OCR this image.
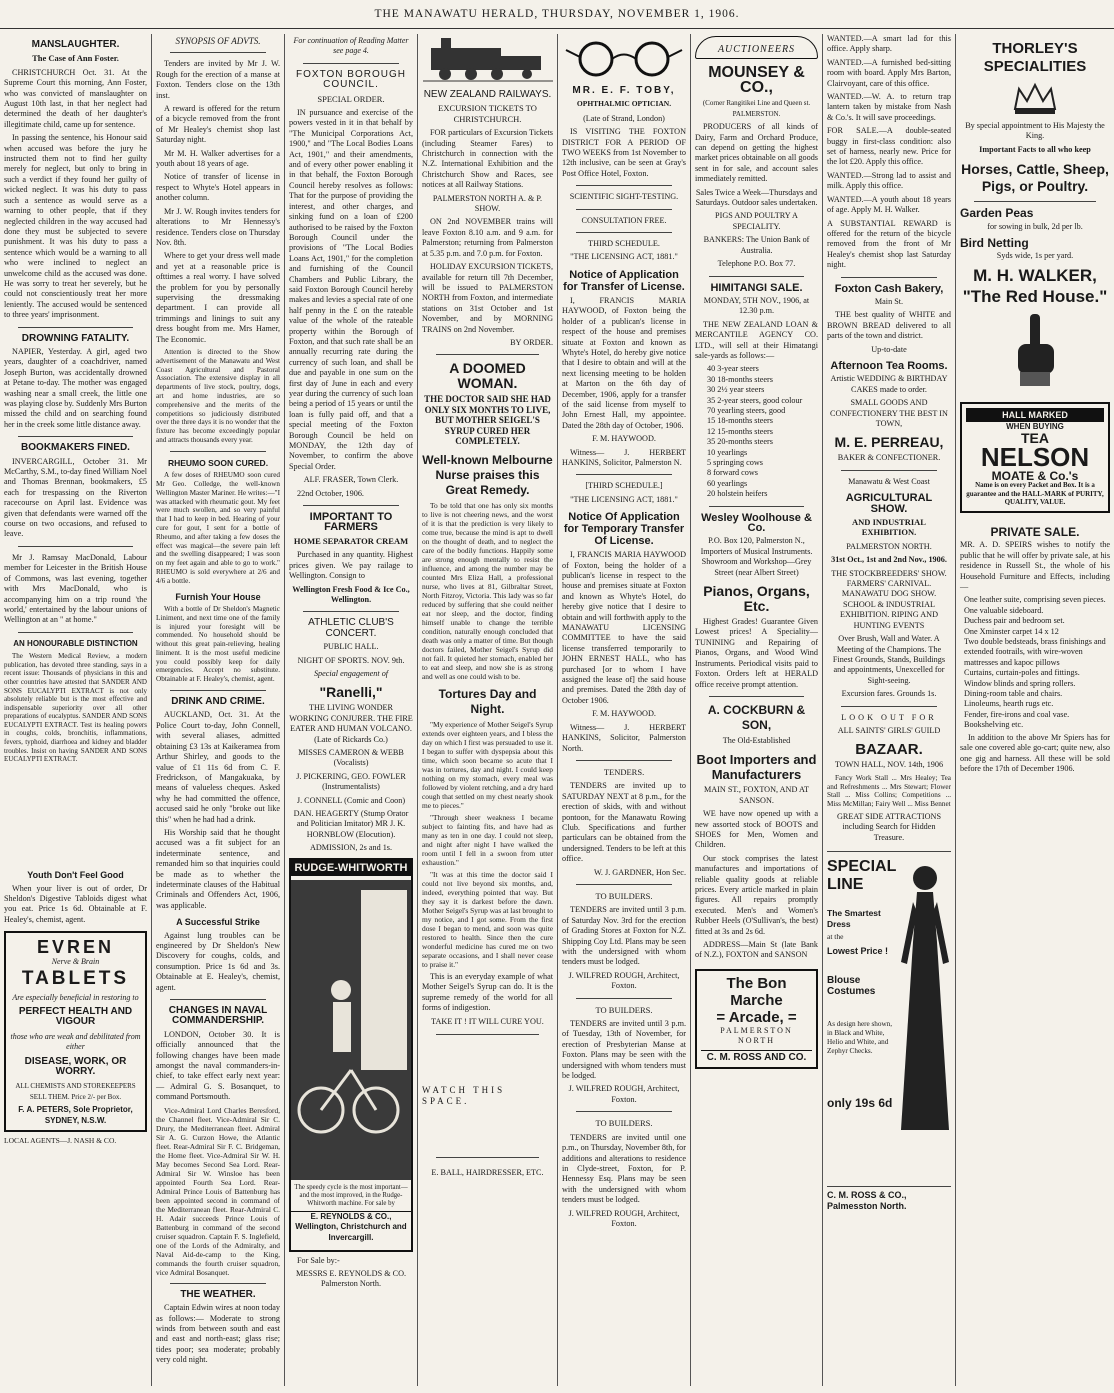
THE MANAWATU HERALD, THURSDAY, NOVEMBER 1, 1906.
MANSLAUGHTER.
The Case of Ann Foster.

CHRISTCHURCH Oct. 31. At the Supreme Court this morning, Ann Foster, who was convicted of manslaughter on August 10th last, in that her neglect had determined the death of her daughter's illegitimate child, came up for sentence.

In passing the sentence, his Honour said when accused was before the jury he instructed them not to find her guilty merely for neglect, but only to bring in such a verdict if they found her guilty of wicked neglect. It was his duty to pass such a sentence as would serve as a warning to other people, that if they neglected children in the way accused had done they must be subjected to severe punishment. It was his duty to pass a sentence which would be a warning to all who were inclined to neglect an unwelcome child as the accused was done. He was sorry to treat her severely, but he could not conscientiously treat her more leniently. The accused would be sentenced to three years' imprisonment.

DROWNING FATALITY.

NAPIER, Yesterday. A girl, aged two years, daughter of a coachdriver, named Joseph Burton, was accidentally drowned at Petane to-day. The mother was engaged washing near a small creek, the little one was playing close by. Suddenly Mrs Burton missed the child and on searching found her in the creek some little distance away.

BOOKMAKERS FINED.

INVERCARGILL, October 31. Mr McCarthy, S.M., to-day fined William Noel and Thomas Brennan, bookmakers, £5 each for trespassing on the Riverton racecourse on April last. Evidence was given that defendants were warned off the course on two occasions, and refused to leave.

Mr J. Ramsay MacDonald, Labour member for Leicester in the British House of Commons, was last evening, together with Mrs MacDonald, who is accompanying him on a trip round 'the world,' entertained by the labour unions of Wellington at an " at home."

AN HONOURABLE DISTINCTION

The Western Medical Review, a modern publication, has devoted three standing, says in a recent issue: Thousands of physicians in this and other countries have attested that SANDER AND SONS EUCALYPTI EXTRACT is not only absolutely reliable but is the most effective and indispensable superiority over all other preparations of eucalyptus. SANDER AND SONS EUCALYPTI EXTRACT. Test its healing powers in coughs, colds, bronchitis, inflammations, fevers, typhoid, diarrhoea and kidney and bladder troubles. Insist on having SANDER AND SONS EUCALYPTI EXTRACT.

Youth Don't Feel Good

When your liver is out of order, Dr Sheldon's Digestive Tabloids digest what you eat. Price 1s 6d. Obtainable at F. Healey's, chemist, agent.

EVREN
Nerve & Brain
TABLETS
Are especially beneficial in restoring to
PERFECT HEALTH AND VIGOUR
those who are weak and debilitated from either
DISEASE, WORK, OR WORRY.
ALL CHEMISTS AND STOREKEEPERS SELL THEM. Price 2/- per Box.
F. A. PETERS, Sole Proprietor, SYDNEY, N.S.W.
LOCAL AGENTS—J. NASH & CO.
SYNOPSIS OF ADVTS.

Tenders are invited by Mr J. W. Rough for the erection of a manse at Foxton. Tenders close on the 13th inst.

A reward is offered for the return of a bicycle removed from the front of Mr Healey's chemist shop last Saturday night.

Mr M. H. Walker advertises for a youth about 18 years of age.

Notice of transfer of license in respect to Whyte's Hotel appears in another column.

Mr J. W. Rough invites tenders for alterations to Mr Hennessy's residence. Tenders close on Thursday Nov. 8th.

Where to get your dress well made and yet at a reasonable price is ofttimes a real worry. I have solved the problem for you by personally supervising the dressmaking department. I can provide all trimmings and linings to suit any dress bought from me. Mrs Hamer, The Economic.

Attention is directed to the Show advertisement of the Manawatu and West Coast Agricultural and Pastoral Association. The extensive display in all departments of live stock, poultry, dogs, art and home industries, are so comprehensive and the merits of the competitions so judiciously distributed over the three days it is no wonder that the fixture has become exceedingly popular and attracts thousands every year.

RHEUMO SOON CURED.

A few doses of RHEUMO soon cured Mr Geo. Colledge, the well-known Wellington Master Mariner. He writes:—"I was attacked with rheumatic gout. My feet were much swollen, and so very painful that I had to keep in bed. Hearing of your cure for gout, I sent for a bottle of Rheumo, and after taking a few doses the effect was magical—the severe pain left and the swelling disappeared; I was soon on my feet again and able to go to work." RHEUMO is sold everywhere at 2/6 and 4/6 a bottle.

Furnish Your House

With a bottle of Dr Sheldon's Magnetic Liniment, and next time one of the family is injured your foresight will be commended. No household should be without this great pain-relieving, healing liniment. It is the most useful medicine you could possibly keep for daily emergencies. Accept no substitute. Obtainable at F. Healey's, chemist, agent.

DRINK AND CRIME.

AUCKLAND, Oct. 31. At the Police Court to-day, John Connell, with several aliases, admitted obtaining £3 13s at Kaikeramea from Arthur Shirley, and goods to the value of £1 11s 6d from C. F. Fredrickson, of Mangakuaka, by means of valueless cheques. Asked why he had committed the offence, accused said he only "broke out like this" when he had had a drink.

His Worship said that he thought accused was a fit subject for an indeterminate sentence, and remanded him so that inquiries could be made as to whether the indeterminate clauses of the Habitual Criminals and Offenders Act, 1906, was applicable.

A Successful Strike

Against lung troubles can be engineered by Dr Sheldon's New Discovery for coughs, colds, and consumption. Price 1s 6d and 3s. Obtainable at E. Healey's, chemist, agent.

CHANGES IN NAVAL COMMANDERSHIP.

LONDON, October 30. It is officially announced that the following changes have been made amongst the naval commanders-in-chief, to take effect early next year:— Admiral G. S. Bosanquet, to command Portsmouth.

Vice-Admiral Lord Charles Beresford, the Channel fleet. Vice-Admiral Sir C. Drury, the Mediterranean fleet. Admiral Sir A. G. Curzon Howe, the Atlantic fleet. Rear-Admiral Sir F. C. Bridgeman, the Home fleet. Vice-Admiral Sir W. H. May becomes Second Sea Lord. Rear-Admiral Sir W. Winsloe has been appointed Fourth Sea Lord. Rear-Admiral Prince Louis of Battenburg has been appointed second in command of the Mediterranean fleet. Rear-Admiral C. H. Adair succeeds Prince Louis of Battenburg in command of the second cruiser squadron. Captain F. S. Inglefield, one of the Lords of the Admiralty, and Naval Aid-de-camp to the King, commands the fourth cruiser squadron, vice Admiral Bosanquet.

THE WEATHER.

Captain Edwin wires at noon today as follows:— Moderate to strong winds from between south and east and east and north-east; glass rise; tides poor; sea moderate; probably very cold night.

For continuation of Reading Matter see page 4.
FOXTON BOROUGH COUNCIL.
SPECIAL ORDER.

IN pursuance and exercise of the powers vested in it in that behalf by "The Municipal Corporations Act, 1900," and "The Local Bodies Loans Act, 1901," and their amendments, and of every other power enabling it in that behalf, the Foxton Borough Council hereby resolves as follows: That for the purpose of providing the interest, and other charges, and sinking fund on a loan of £200 authorised to be raised by the Foxton Borough Council under the provisions of "The Local Bodies Loans Act, 1901," for the completion and furnishing of the Council Chambers and Public Library, the said Foxton Borough Council hereby makes and levies a special rate of one half penny in the £ on the rateable value of the whole of the rateable property within the Borough of Foxton, and that such rate shall be an annually recurring rate during the currency of such loan, and shall be due and payable in one sum on the first day of June in each and every year during the currency of such loan being a period of 15 years or until the loan is fully paid off, and that a special meeting of the Foxton Borough Council be held on MONDAY, the 12th day of November, to confirm the above Special Order.

ALF. FRASER, Town Clerk.

22nd October, 1906.

IMPORTANT TO FARMERS
HOME SEPARATOR CREAM

Purchased in any quantity. Highest prices given. We pay railage to Wellington. Consign to

Wellington Fresh Food & Ice Co., Wellington.

ATHLETIC CLUB'S CONCERT.

PUBLIC HALL.

NIGHT OF SPORTS. NOV. 9th.

Special engagement of

"Ranelli,"

THE LIVING WONDER WORKING CONJURER. THE FIRE EATER AND HUMAN VOLCANO. (Late of Rickards Co.)

MISSES CAMERON & WEBB (Vocalists)

J. PICKERING, GEO. FOWLER (Instrumentalists)

J. CONNELL (Comic and Coon)

DAN. HEAGERTY (Stump Orator and Politician Imitator) MR J. K. HORNBLOW (Elocution).

ADMISSION, 2s and 1s.

RUDGE-WHITWORTH
The speedy cycle is the most important—and the most improved, in the Rudge-Whitworth machine. For sale by
E. REYNOLDS & CO., Wellington, Christchurch and Invercargill.

For Sale by:-

MESSRS E. REYNOLDS & CO. Palmerston North.

NEW ZEALAND RAILWAYS.
EXCURSION TICKETS TO CHRISTCHURCH.

FOR particulars of Excursion Tickets (including Steamer Fares) to Christchurch in connection with the N.Z. International Exhibition and the Christchurch Show and Races, see notices at all Railway Stations.

PALMERSTON NORTH A. & P. SHOW.

ON 2nd NOVEMBER trains will leave Foxton 8.10 a.m. and 9 a.m. for Palmerston; returning from Palmerston at 5.35 p.m. and 7.0 p.m. for Foxton.

HOLIDAY EXCURSION TICKETS, available for return till 7th December, will be issued to PALMERSTON NORTH from Foxton, and intermediate stations on 31st October and 1st November, and by MORNING TRAINS on 2nd November.

BY ORDER.

A DOOMED WOMAN.
THE DOCTOR SAID SHE HAD ONLY SIX MONTHS TO LIVE, BUT MOTHER SEIGEL'S SYRUP CURED HER COMPLETELY.
Well-known Melbourne Nurse praises this Great Remedy.

To be told that one has only six months to live is not cheering news, and the worst of it is that the prediction is very likely to come true, because the mind is apt to dwell on the thought of death, and to neglect the care of the bodily functions. Happily some are strong enough mentally to resist the influence, and among the number may be counted Mrs Eliza Hall, a professional nurse, who lives at 81, Gilbraltar Street, North Fitzroy, Victoria. This lady was so far reduced by suffering that she could neither eat nor sleep, and the doctor, finding himself unable to change the terrible condition, naturally enough concluded that death was only a matter of time. But though doctors failed, Mother Seigel's Syrup did not fail. It quieted her stomach, enabled her to eat and sleep, and now she is as strong and well as one could wish to be.

Tortures Day and Night.

"My experience of Mother Seigel's Syrup extends over eighteen years, and I bless the day on which I first was persuaded to use it. I began to suffer with dyspepsia about this time, which soon became so acute that I was in tortures, day and night. I could keep nothing on my stomach, every meal was followed by violent retching, and a dry hard cough that settled on my chest nearly shook me to pieces."

"Through sheer weakness I became subject to fainting fits, and have had as many as ten in one day. I could not sleep, and night after night I have walked the room until I fell in a swoon from utter exhaustion."

"It was at this time the doctor said I could not live beyond six months, and, indeed, everything pointed that way. But they say it is darkest before the dawn. Mother Seigel's Syrup was at last brought to my notice, and I got some. From the first dose I began to mend, and soon was quite restored to health. Since then the cure wonderful medicine has cured me on two separate occasions, and I shall never cease to praise it."

This is an everyday example of what Mother Seigel's Syrup can do. It is the supreme remedy of the world for all forms of indigestion.

TAKE IT ! IT WILL CURE YOU.

WATCH THIS SPACE.

E. BALL, HAIRDRESSER, ETC.

MR. E. F. TOBY,
OPHTHALMIC OPTICIAN.

(Late of Strand, London)

IS VISITING THE FOXTON DISTRICT FOR A PERIOD OF TWO WEEKS from 1st November to 12th inclusive, can be seen at Gray's Post Office Hotel, Foxton.

SCIENTIFIC SIGHT-TESTING.

CONSULTATION FREE.

THIRD SCHEDULE.

"THE LICENSING ACT, 1881."

Notice of Application for Transfer of License.

I, FRANCIS MARIA HAYWOOD, of Foxton being the holder of a publican's license in respect of the house and premises situate at Foxton and known as Whyte's Hotel, do hereby give notice that I desire to obtain and will at the next licensing meeting to be holden at Marton on the 6th day of December, 1906, apply for a transfer of the said license from myself to John Ernest Hall, my appointee. Dated the 28th day of October, 1906.

F. M. HAYWOOD.

Witness— J. HERBERT HANKINS, Solicitor, Palmerston N.

[THIRD SCHEDULE.]

"THE LICENSING ACT, 1881."

Notice Of Application for Temporary Transfer Of License.

I, FRANCIS MARIA HAYWOOD of Foxton, being the holder of a publican's license in respect to the house and premises situate at Foxton and known as Whyte's Hotel, do hereby give notice that I desire to obtain and will forthwith apply to the MANAWATU LICENSING COMMITTEE to have the said license transferred temporarily to JOHN ERNEST HALL, who has purchased [or to whom I have assigned the lease of] the said house and premises. Dated the 28th day of October 1906.

F. M. HAYWOOD.

Witness— J. HERBERT HANKINS, Solicitor, Palmerston North.

TENDERS.

TENDERS are invited up to SATURDAY NEXT at 8 p.m., for the erection of skids, with and without pontoon, for the Manawatu Rowing Club. Specifications and further particulars can be obtained from the undersigned. Tenders to be left at this office.

W. J. GARDNER, Hon Sec.

TO BUILDERS.

TENDERS are invited until 3 p.m. of Saturday Nov. 3rd for the erection of Grading Stores at Foxton for N.Z. Shipping Coy Ltd. Plans may be seen with the undersigned with whom tenders must be lodged.

J. WILFRED ROUGH, Architect, Foxton.

TO BUILDERS.

TENDERS are invited until 3 p.m. of Tuesday, 13th of November, for erection of Presbyterian Manse at Foxton. Plans may be seen with the undersigned with whom tenders must be lodged.

J. WILFRED ROUGH, Architect, Foxton.

TO BUILDERS.

TENDERS are invited until one p.m., on Thursday, November 8th, for additions and alterations to residence in Clyde-street, Foxton, for P. Hennessy Esq. Plans may be seen with the undersigned with whom tenders must be lodged.

J. WILFRED ROUGH, Architect, Foxton.

AUCTIONEERS
MOUNSEY & CO.,

(Corner Rangitikei Line and Queen st. PALMERSTON.

PRODUCERS of all kinds of Dairy, Farm and Orchard Produce, can depend on getting the highest market prices obtainable on all goods sent in for sale, and account sales immediately remitted.

Sales Twice a Week—Thursdays and Saturdays. Outdoor sales undertaken.

PIGS AND POULTRY A SPECIALITY.

BANKERS: The Union Bank of Australia.

Telephone P.O. Box 77.

HIMITANGI SALE.

MONDAY, 5TH NOV., 1906, at 12.30 p.m.

THE NEW ZEALAND LOAN & MERCANTILE AGENCY CO. LTD., will sell at their Himatangi sale-yards as follows:—

40 3-year steers
30 18-months steers
30 2½ year steers
35 2-year steers, good colour
70 yearling steers, good
15 18-months steers
12 15-months steers
35 20-months steers
10 yearlings
5 springing cows
8 forward cows
60 yearlings
20 holstein heifers
Wesley Woolhouse & Co.

P.O. Box 120, Palmerston N., Importers of Musical Instruments. Showroom and Workshop—Grey Street (near Albert Street)

Pianos, Organs, Etc.

Highest Grades! Guarantee Given Lowest prices! A Speciality—TUNINING and Repairing of Pianos, Organs, and Wood Wind Instruments. Periodical visits paid to Foxton. Orders left at HERALD office receive prompt attention.

A. COCKBURN & SON,

The Old-Established

Boot Importers and Manufacturers

MAIN ST., FOXTON, AND AT SANSON.

WE have now opened up with a new assorted stock of BOOTS and SHOES for Men, Women and Children.

Our stock comprises the latest manufactures and importations of reliable quality goods at reliable prices. Every article marked in plain figures. All repairs promptly executed. Men's and Women's Rubber Heels (O'Sullivan's, the best) fitted at 3s and 2s 6d.

ADDRESS—Main St (late Bank of N.Z.), FOXTON and SANSON

The Bon Marche
= Arcade, =
PALMERSTON NORTH
C. M. ROSS AND CO.

WANTED.—A smart lad for this office. Apply sharp.

WANTED.—A furnished bed-sitting room with board. Apply Mrs Barton, Clairvoyant, care of this office.

WANTED.—W. A. to return trap lantern taken by mistake from Nash & Co.'s. It will save proceedings.

FOR SALE.—A double-seated buggy in first-class condition: also set of harness, nearly new. Price for the lot £20. Apply this office.

WANTED.—Strong lad to assist and milk. Apply this office.

WANTED.—A youth about 18 years of age. Apply M. H. Walker.

A SUBSTANTIAL REWARD is offered for the return of the bicycle removed from the front of Mr Healey's chemist shop last Saturday night.

Foxton Cash Bakery,

Main St.

THE best quality of WHITE and BROWN BREAD delivered to all parts of the town and district.

Up-to-date

Afternoon Tea Rooms.

Artistic WEDDING & BIRTHDAY CAKES made to order.

SMALL GOODS AND CONFECTIONERY THE BEST IN TOWN,

M. E. PERREAU,

BAKER & CONFECTIONER.

Manawatu & West Coast

AGRICULTURAL SHOW.
AND INDUSTRIAL EXHIBITION.

PALMERSTON NORTH.

31st Oct., 1st and 2nd Nov., 1906.

THE STOCKBREEDERS' SHOW. FARMERS' CARNIVAL. MANAWATU DOG SHOW. SCHOOL & INDUSTRIAL EXHIBITION. RIPING AND HUNTING EVENTS

Over Brush, Wall and Water. A Meeting of the Champions. The Finest Grounds, Stands, Buildings and appointments, Unexcelled for Sight-seeing.

Excursion fares. Grounds 1s.

LOOK OUT FOR

ALL SAINTS' GIRLS' GUILD

BAZAAR.

TOWN HALL, NOV. 14th, 1906

Fancy Work Stall ... Mrs Healey; Tea and Refreshments ... Mrs Stewart; Flower Stall ... Miss Collins; Competitions ... Miss McMillan; Fairy Well ... Miss Bennet

GREAT SIDE ATTRACTIONS including Search for Hidden Treasure.

SPECIAL LINE
The Smartest Dress
at the
Lowest Price !
Blouse Costumes
As design here shown, in Black and White, Helio and White, and Zephyr Checks.
only 19s 6d
C. M. ROSS & CO., Palmesston North.
THORLEY'S SPECIALITIES

By special appointment to His Majesty the King.

Important Facts to all who keep

Horses, Cattle, Sheep, Pigs, or Poultry.
Garden Peas

for sowing in bulk, 2d per lb.

Bird Netting

Syds wide, 1s per yard.

M. H. WALKER,
"The Red House."
HALL MARKED
WHEN BUYING
TEA
NELSON
MOATE & Co.'s
Name is on every Packet and Box. It is a guarantee and the HALL-MARK of PURITY, QUALITY, VALUE.
PRIVATE SALE.

MR. A. D. SPEIRS wishes to notify the public that he will offer by private sale, at his residence in Russell St., the whole of his Household Furniture and Effects, including—

One leather suite, comprising seven pieces.
One valuable sideboard.
Duchess pair and bedroom set.
One Xminster carpet 14 x 12
Two double bedsteads, brass finishings and extended footrails, with wire-woven mattresses and kapoc pillows
Curtains, curtain-poles and fittings.
Window blinds and spring rollers.
Dining-room table and chairs.
Linoleums, hearth rugs etc.
Fender, fire-irons and coal vase.
Bookshelving etc.

In addition to the above Mr Spiers has for sale one covered able go-cart; quite new, also one gig and harness. All these will be sold before the 17th of December 1906.
